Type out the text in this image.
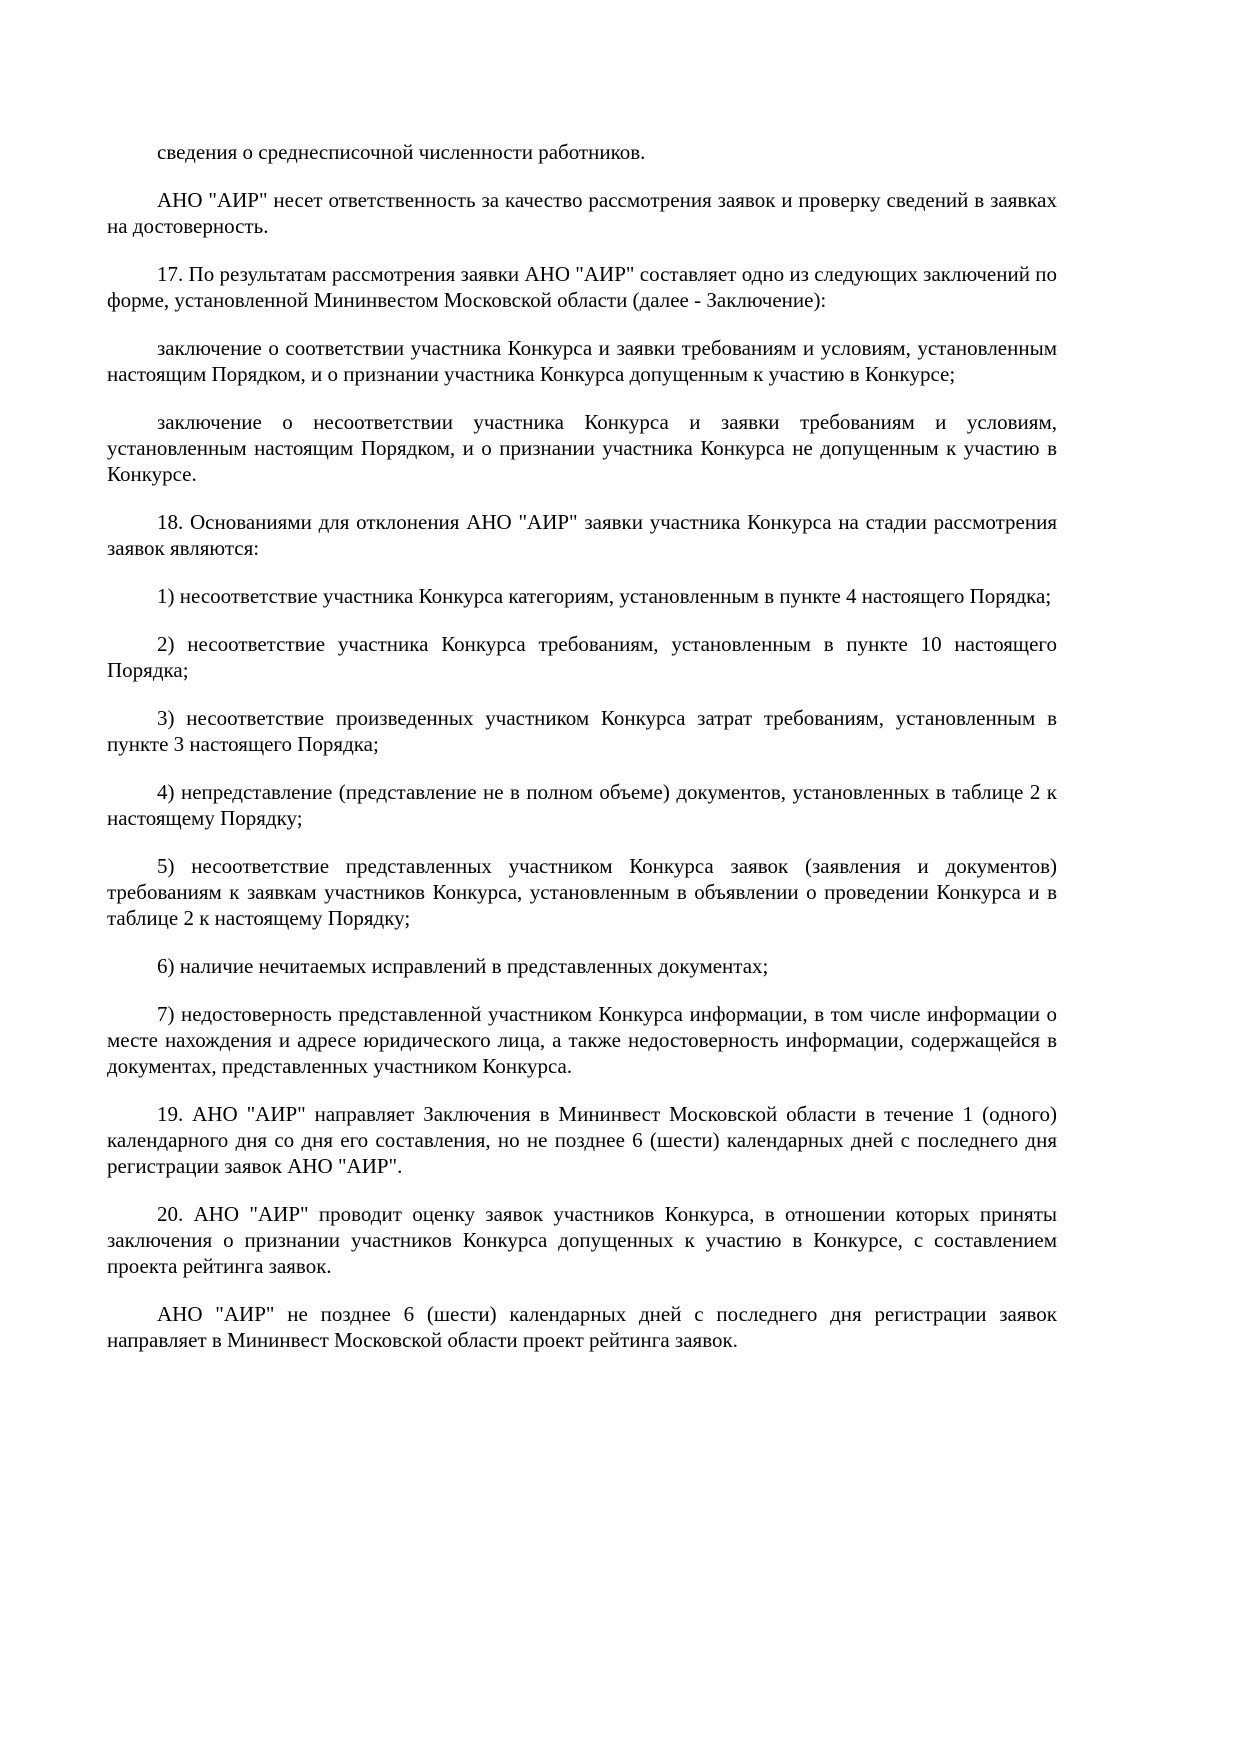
сведения о среднесписочной численности работников.

АНО "АИР" несет ответственность за качество рассмотрения заявок и проверку сведений в заявках на достоверность.

17. По результатам рассмотрения заявки АНО "АИР" составляет одно из следующих заключений по форме, установленной Мининвестом Московской области (далее - Заключение):

заключение о соответствии участника Конкурса и заявки требованиям и условиям, установленным настоящим Порядком, и о признании участника Конкурса допущенным к участию в Конкурсе;

заключение о несоответствии участника Конкурса и заявки требованиям и условиям, установленным настоящим Порядком, и о признании участника Конкурса не допущенным к участию в Конкурсе.

18. Основаниями для отклонения АНО "АИР" заявки участника Конкурса на стадии рассмотрения заявок являются:

1) несоответствие участника Конкурса категориям, установленным в пункте 4 настоящего Порядка;

2) несоответствие участника Конкурса требованиям, установленным в пункте 10 настоящего Порядка;

3) несоответствие произведенных участником Конкурса затрат требованиям, установленным в пункте 3 настоящего Порядка;

4) непредставление (представление не в полном объеме) документов, установленных в таблице 2 к настоящему Порядку;

5) несоответствие представленных участником Конкурса заявок (заявления и документов) требованиям к заявкам участников Конкурса, установленным в объявлении о проведении Конкурса и в таблице 2 к настоящему Порядку;

6) наличие нечитаемых исправлений в представленных документах;

7) недостоверность представленной участником Конкурса информации, в том числе информации о месте нахождения и адресе юридического лица, а также недостоверность информации, содержащейся в документах, представленных участником Конкурса.

19. АНО "АИР" направляет Заключения в Мининвест Московской области в течение 1 (одного) календарного дня со дня его составления, но не позднее 6 (шести) календарных дней с последнего дня регистрации заявок АНО "АИР".

20. АНО "АИР" проводит оценку заявок участников Конкурса, в отношении которых приняты заключения о признании участников Конкурса допущенных к участию в Конкурсе, с составлением проекта рейтинга заявок.

АНО "АИР" не позднее 6 (шести) календарных дней с последнего дня регистрации заявок направляет в Мининвест Московской области проект рейтинга заявок.
